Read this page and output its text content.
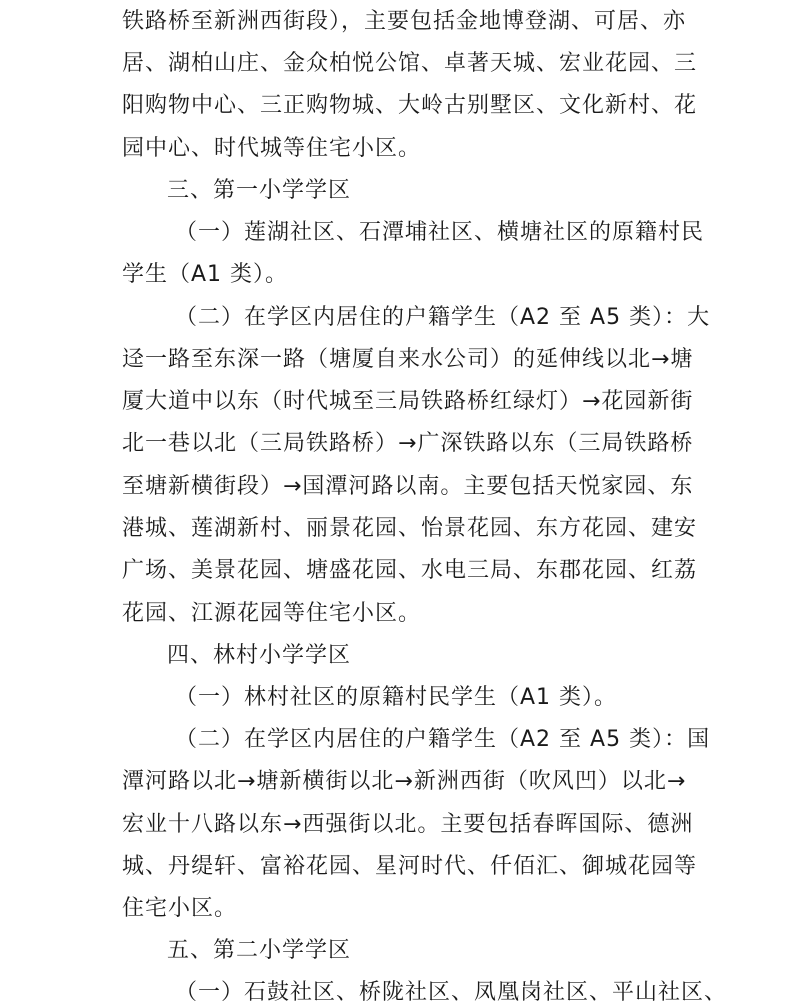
铁路桥至新洲西街段），主要包括金地博登湖、可居、亦
居、湖柏山庄、金众柏悦公馆、卓著天城、宏业花园、三
阳购物中心、三正购物城、大岭古别墅区、文化新村、花
园中心、时代城等住宅小区。
三、第一小学学区
（一）莲湖社区、石潭埔社区、横塘社区的原籍村民
学生（A1 类）。
（二）在学区内居住的户籍学生（A2 至 A5 类）：大
迳一路至东深一路（塘厦自来水公司）的延伸线以北→塘
厦大道中以东（时代城至三局铁路桥红绿灯）→花园新街
北一巷以北（三局铁路桥）→广深铁路以东（三局铁路桥
至塘新横街段）→国潭河路以南。主要包括天悦家园、东
港城、莲湖新村、丽景花园、怡景花园、东方花园、建安
广场、美景花园、塘盛花园、水电三局、东郡花园、红荔
花园、江源花园等住宅小区。
四、林村小学学区
（一）林村社区的原籍村民学生（A1 类）。
（二）在学区内居住的户籍学生（A2 至 A5 类）：国
潭河路以北→塘新横街以北→新洲西街（吹风凹）以北→
宏业十八路以东→西强街以北。主要包括春晖国际、德洲
城、丹缇轩、富裕花园、星河时代、仟佰汇、御城花园等
住宅小区。
五、第二小学学区
（一）石鼓社区、桥陇社区、凤凰岗社区、平山社区、
